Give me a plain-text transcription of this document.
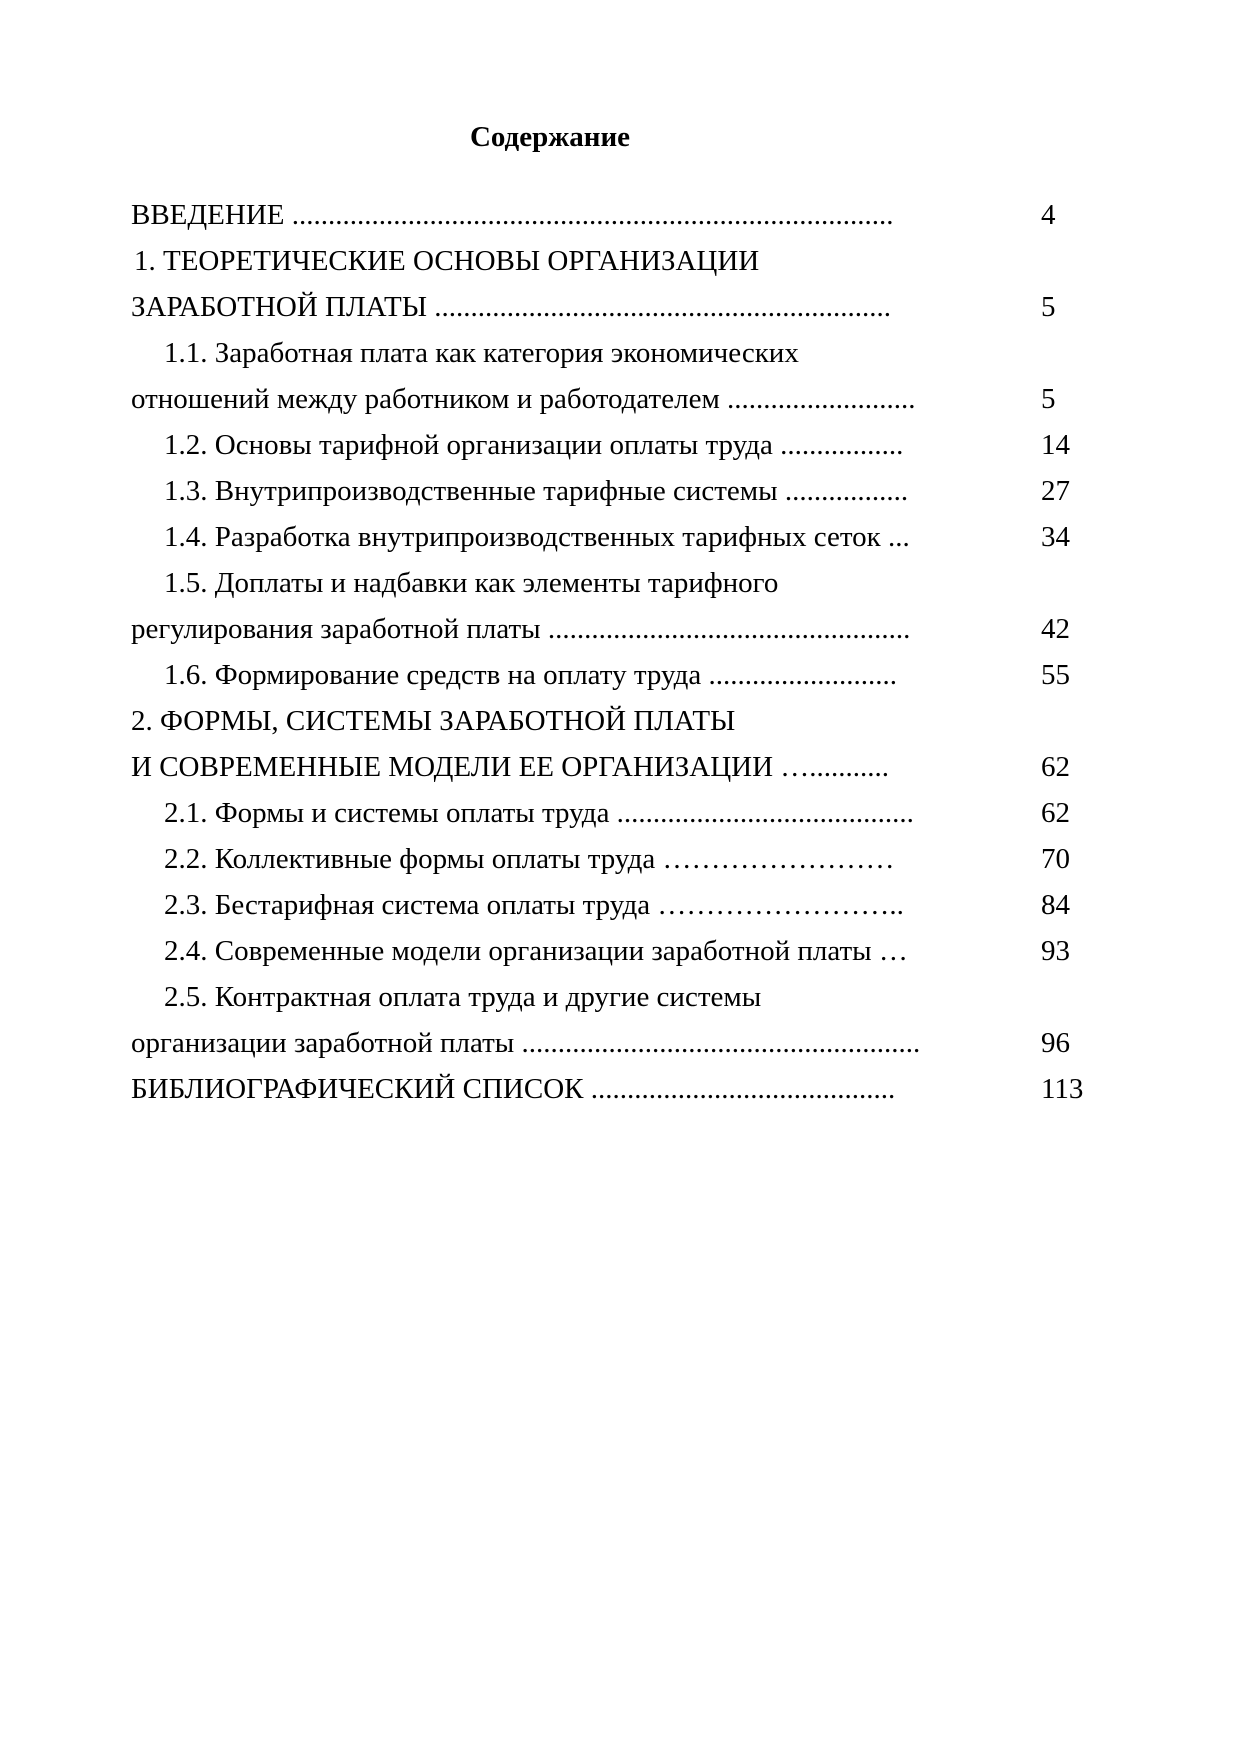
Содержание
ВВЕДЕНИЕ ...................................................................................	4
1. ТЕОРЕТИЧЕСКИЕ ОСНОВЫ ОРГАНИЗАЦИИ
ЗАРАБОТНОЙ ПЛАТЫ ...............................................................	5
1.1. Заработная плата как категория экономических
отношений между работником и работодателем ..........................	5
1.2. Основы тарифной организации оплаты труда .................	14
1.3. Внутрипроизводственные тарифные системы .................	27
1.4. Разработка внутрипроизводственных тарифных сеток ...	34
1.5. Доплаты и надбавки как элементы тарифного
регулирования заработной платы ..................................................	42
1.6. Формирование средств на оплату труда ..........................	55
2. ФОРМЫ, СИСТЕМЫ ЗАРАБОТНОЙ ПЛАТЫ
И СОВРЕМЕННЫЕ МОДЕЛИ ЕЕ ОРГАНИЗАЦИИ …...........	62
2.1. Формы и системы оплаты труда .........................................	62
2.2. Коллективные формы оплаты труда ……………………	70
2.3. Бестарифная система оплаты труда ……………………..	84
2.4. Современные модели организации заработной платы …	93
2.5. Контрактная оплата труда и другие системы
организации заработной платы .......................................................	96
БИБЛИОГРАФИЧЕСКИЙ СПИСОК ..........................................	113
